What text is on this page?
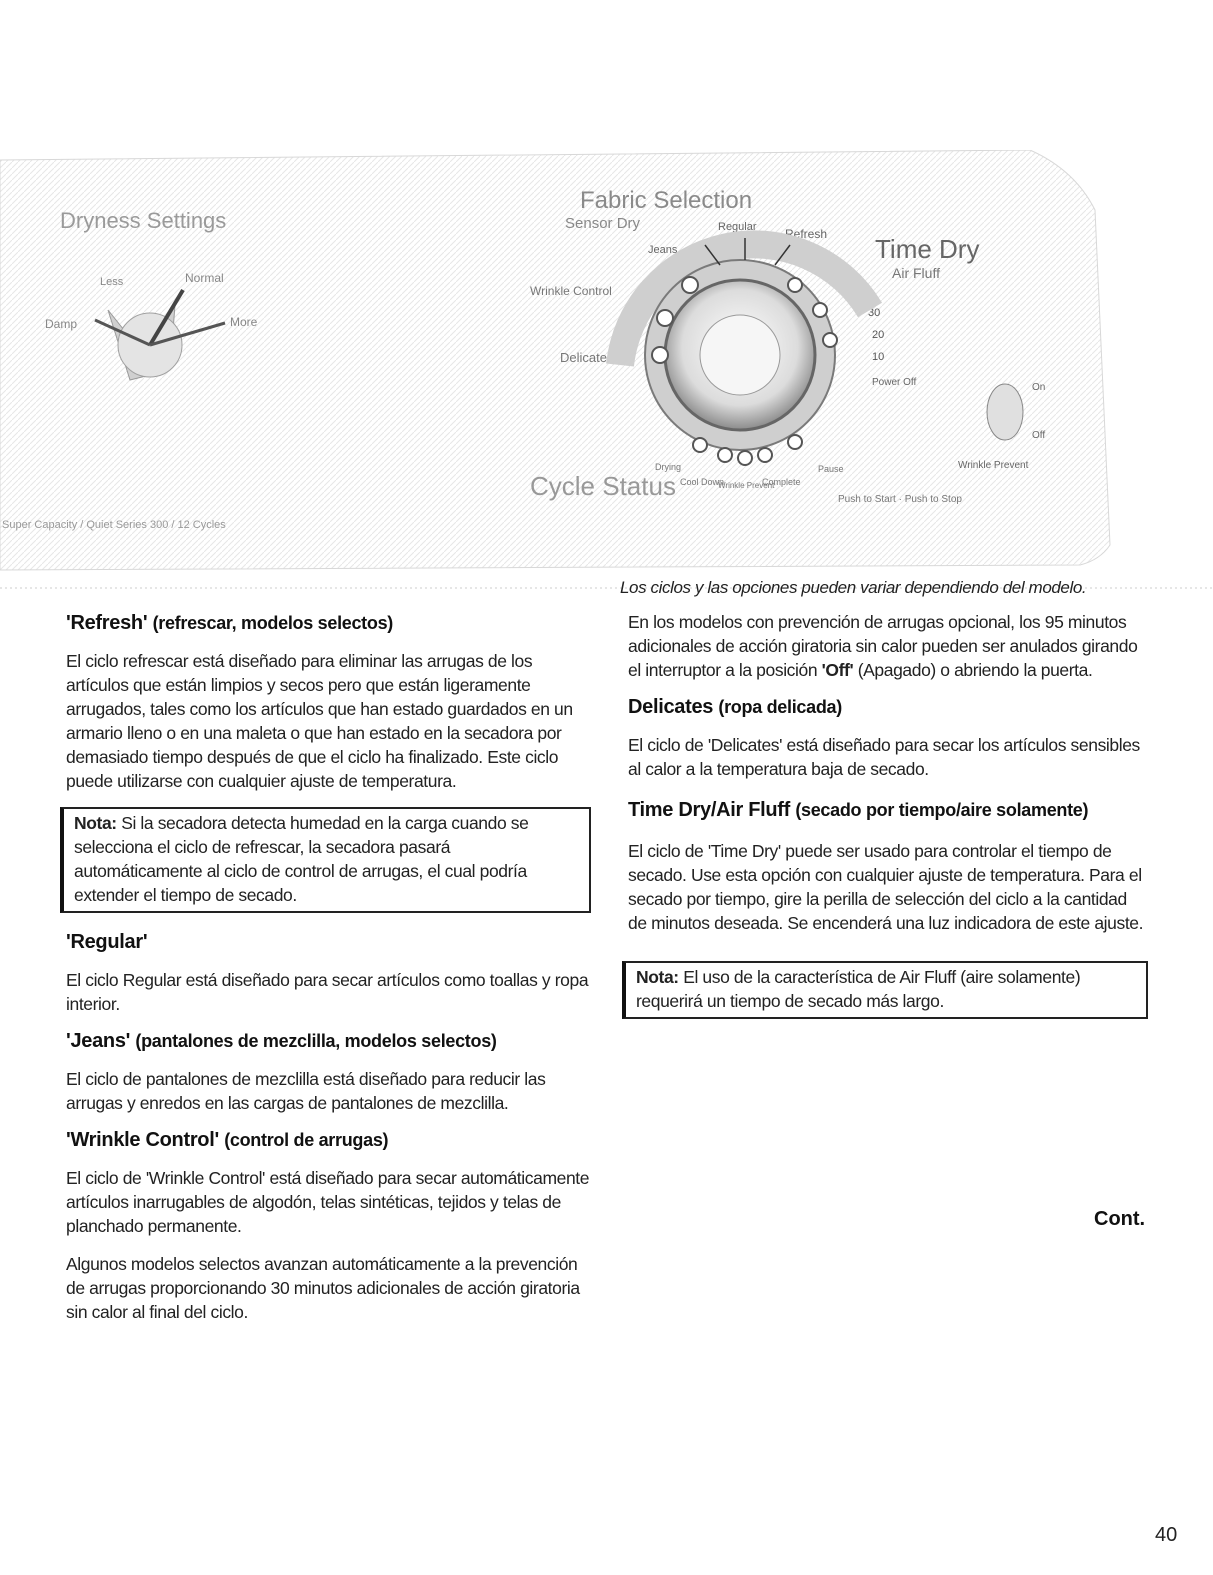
Dryness Settings
Less	Normal
Damp	More
Fabric Selection
Sensor Dry
Jeans
Regular Refresh
Wrinkle Control
Delicates
Time Dry
Air Fluff
60
50
40
30
20
10
Power Off	On
Off
Wrinkle Prevent
Cycle Status
Drying
Cool Down
Wrinkle Prevent
Complete
Pause
Push to Start · Push to Stop
Super Capacity / Quiet Series 300 / 12 Cycles
Los ciclos y las opciones pueden variar dependiendo del modelo.
'Refresh' (refrescar, modelos selectos)

El ciclo refrescar está diseñado para eliminar las arrugas de los artículos que están limpios y secos pero que están ligeramente arrugados, tales como los artículos que han estado guardados en un armario lleno o en una maleta o que han estado en la secadora por demasiado tiempo después de que el ciclo ha finalizado. Este ciclo puede utilizarse con cualquier ajuste de temperatura.

Nota: Si la secadora detecta humedad en la carga cuando se selecciona el ciclo de refrescar, la secadora pasará automáticamente al ciclo de control de arrugas, el cual podría extender el tiempo de secado.
'Regular'

El ciclo Regular está diseñado para secar artículos como toallas y ropa interior.

'Jeans' (pantalones de mezclilla, modelos selectos)

El ciclo de pantalones de mezclilla está diseñado para reducir las arrugas y enredos en las cargas de pantalones de mezclilla.

'Wrinkle Control' (control de arrugas)

El ciclo de 'Wrinkle Control' está diseñado para secar automáticamente artículos inarrugables de algodón, telas sintéticas, tejidos y telas de planchado permanente.

Algunos modelos selectos avanzan automáticamente a la prevención de arrugas proporcionando 30 minutos adicionales de acción giratoria sin calor al final del ciclo.

En los modelos con prevención de arrugas opcional, los 95 minutos adicionales de acción giratoria sin calor pueden ser anulados girando el interruptor a la posición 'Off' (Apagado) o abriendo la puerta.

Delicates (ropa delicada)

El ciclo de 'Delicates' está diseñado para secar los artículos sensibles al calor a la temperatura baja de secado.

Time Dry/Air Fluff (secado por tiempo/aire solamente)

El ciclo de 'Time Dry' puede ser usado para controlar el tiempo de secado. Use esta opción con cualquier ajuste de temperatura. Para el secado por tiempo, gire la perilla de selección del ciclo a la cantidad de minutos deseada. Se encenderá una luz indicadora de este ajuste.

Nota: El uso de la característica de Air Fluff (aire solamente) requerirá un tiempo de secado más largo.
Cont.
40
